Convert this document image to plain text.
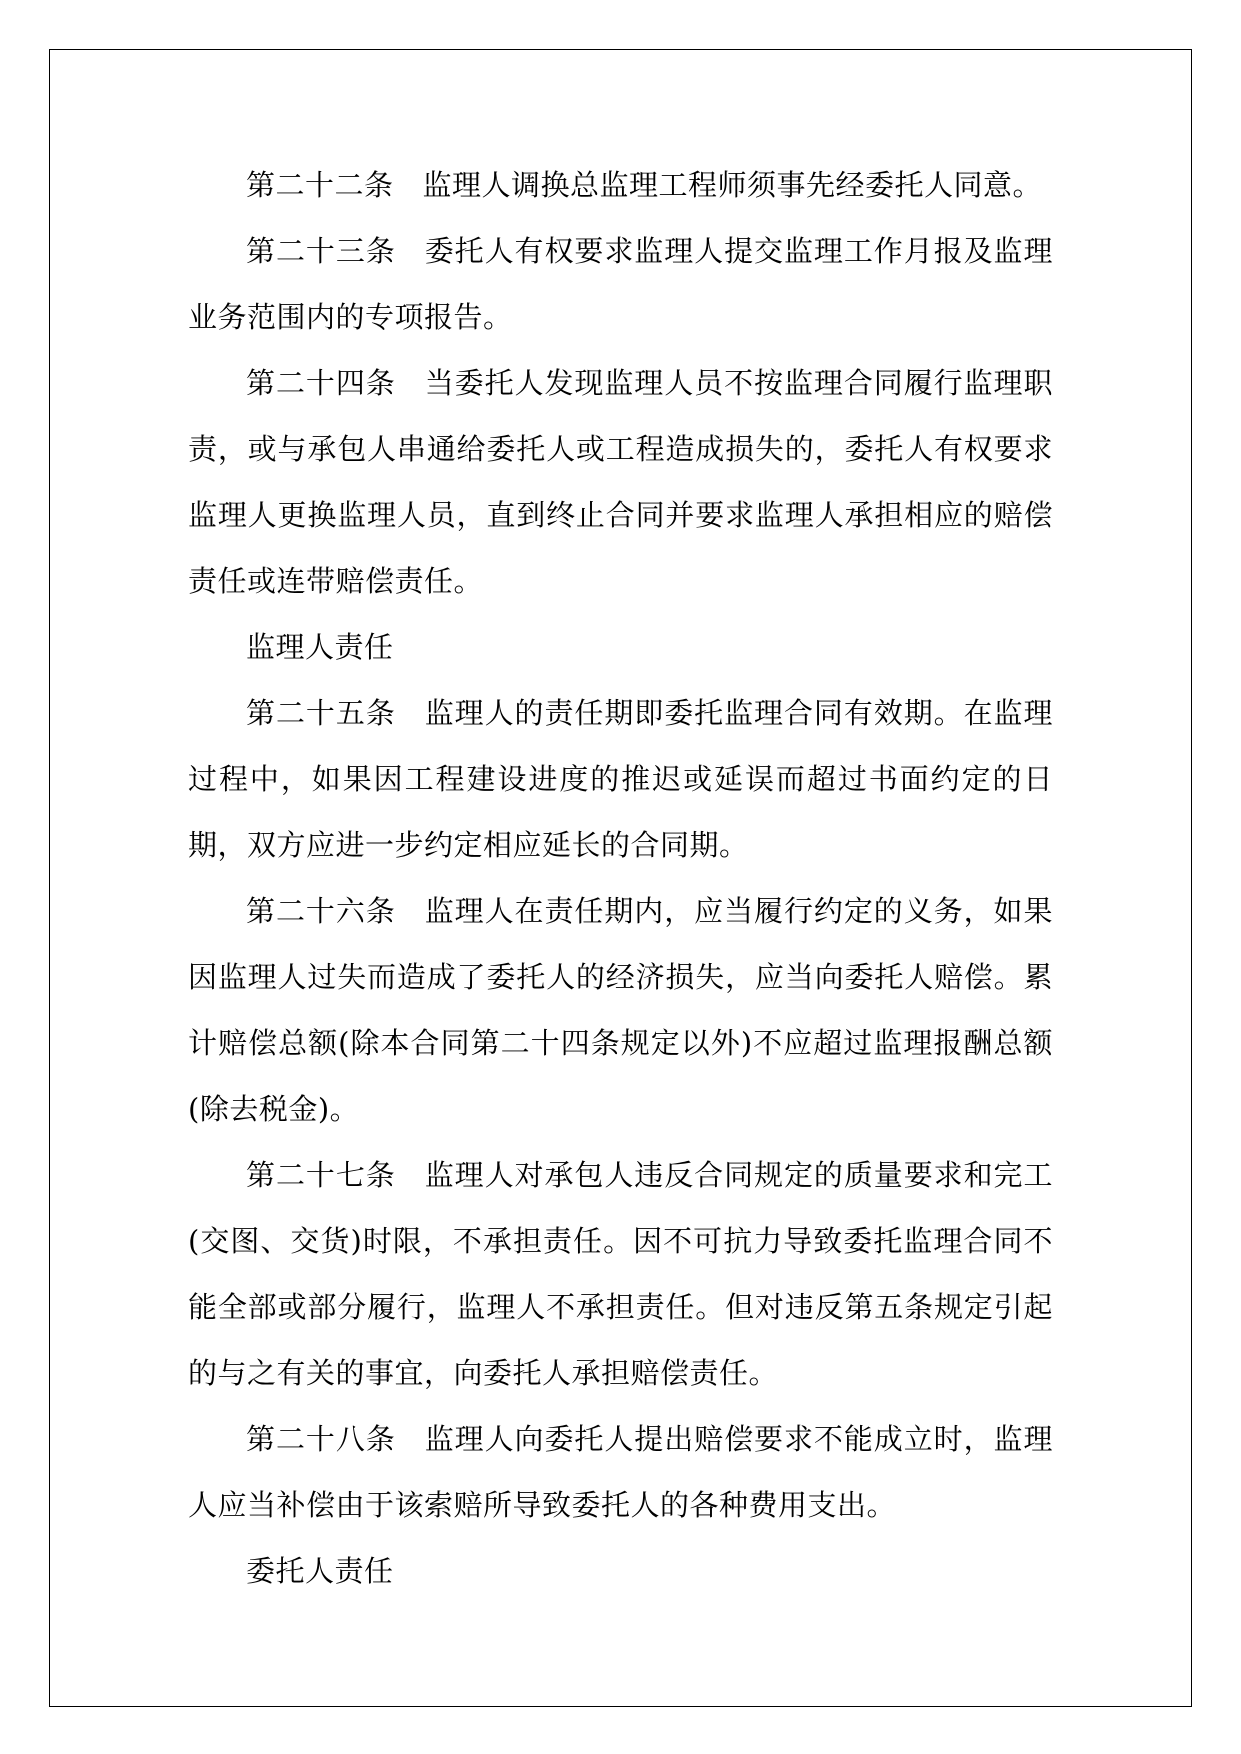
第二十二条 监理人调换总监理工程师须事先经委托人同意。

第二十三条 委托人有权要求监理人提交监理工作月报及监理业务范围内的专项报告。

第二十四条 当委托人发现监理人员不按监理合同履行监理职责，或与承包人串通给委托人或工程造成损失的，委托人有权要求监理人更换监理人员，直到终止合同并要求监理人承担相应的赔偿责任或连带赔偿责任。

监理人责任

第二十五条 监理人的责任期即委托监理合同有效期。在监理过程中，如果因工程建设进度的推迟或延误而超过书面约定的日期，双方应进一步约定相应延长的合同期。

第二十六条 监理人在责任期内，应当履行约定的义务，如果因监理人过失而造成了委托人的经济损失，应当向委托人赔偿。累计赔偿总额(除本合同第二十四条规定以外)不应超过监理报酬总额(除去税金)。

第二十七条 监理人对承包人违反合同规定的质量要求和完工(交图、交货)时限，不承担责任。因不可抗力导致委托监理合同不能全部或部分履行，监理人不承担责任。但对违反第五条规定引起的与之有关的事宜，向委托人承担赔偿责任。

第二十八条 监理人向委托人提出赔偿要求不能成立时，监理人应当补偿由于该索赔所导致委托人的各种费用支出。

委托人责任
